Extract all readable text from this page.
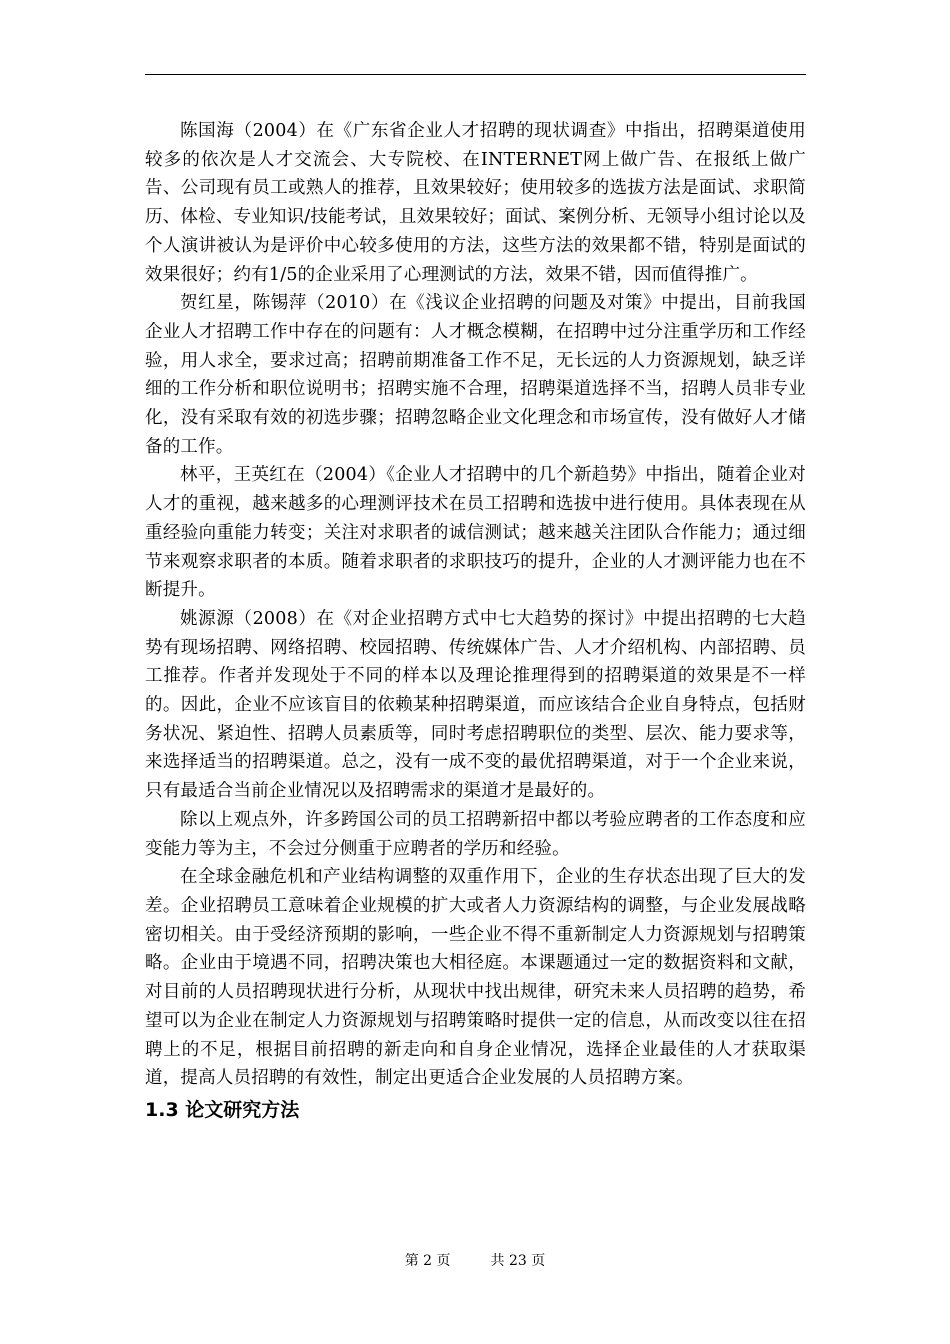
陈国海（2004）在《广东省企业人才招聘的现状调查》中指出，招聘渠道使用较多的依次是人才交流会、大专院校、在INTERNET网上做广告、在报纸上做广告、公司现有员工或熟人的推荐，且效果较好；使用较多的选拔方法是面试、求职简历、体检、专业知识/技能考试，且效果较好；面试、案例分析、无领导小组讨论以及个人演讲被认为是评价中心较多使用的方法，这些方法的效果都不错，特别是面试的效果很好；约有1/5的企业采用了心理测试的方法，效果不错，因而值得推广。

贺红星，陈锡萍（2010）在《浅议企业招聘的问题及对策》中提出，目前我国企业人才招聘工作中存在的问题有：人才概念模糊，在招聘中过分注重学历和工作经验，用人求全，要求过高；招聘前期准备工作不足，无长远的人力资源规划，缺乏详细的工作分析和职位说明书；招聘实施不合理，招聘渠道选择不当，招聘人员非专业化，没有采取有效的初选步骤；招聘忽略企业文化理念和市场宣传，没有做好人才储备的工作。

林平，王英红在（2004）《企业人才招聘中的几个新趋势》中指出，随着企业对人才的重视，越来越多的心理测评技术在员工招聘和选拔中进行使用。具体表现在从重经验向重能力转变；关注对求职者的诚信测试；越来越关注团队合作能力；通过细节来观察求职者的本质。随着求职者的求职技巧的提升，企业的人才测评能力也在不断提升。

姚源源（2008）在《对企业招聘方式中七大趋势的探讨》中提出招聘的七大趋势有现场招聘、网络招聘、校园招聘、传统媒体广告、人才介绍机构、内部招聘、员工推荐。作者并发现处于不同的样本以及理论推理得到的招聘渠道的效果是不一样的。因此，企业不应该盲目的依赖某种招聘渠道，而应该结合企业自身特点，包括财务状况、紧迫性、招聘人员素质等，同时考虑招聘职位的类型、层次、能力要求等，来选择适当的招聘渠道。总之，没有一成不变的最优招聘渠道，对于一个企业来说，只有最适合当前企业情况以及招聘需求的渠道才是最好的。

除以上观点外，许多跨国公司的员工招聘新招中都以考验应聘者的工作态度和应变能力等为主，不会过分侧重于应聘者的学历和经验。

在全球金融危机和产业结构调整的双重作用下，企业的生存状态出现了巨大的发差。企业招聘员工意味着企业规模的扩大或者人力资源结构的调整，与企业发展战略密切相关。由于受经济预期的影响，一些企业不得不重新制定人力资源规划与招聘策略。企业由于境遇不同，招聘决策也大相径庭。本课题通过一定的数据资料和文献，对目前的人员招聘现状进行分析，从现状中找出规律，研究未来人员招聘的趋势，希望可以为企业在制定人力资源规划与招聘策略时提供一定的信息，从而改变以往在招聘上的不足，根据目前招聘的新走向和自身企业情况，选择企业最佳的人才获取渠道，提高人员招聘的有效性，制定出更适合企业发展的人员招聘方案。

1.3 论文研究方法
第 2 页	共 23 页
